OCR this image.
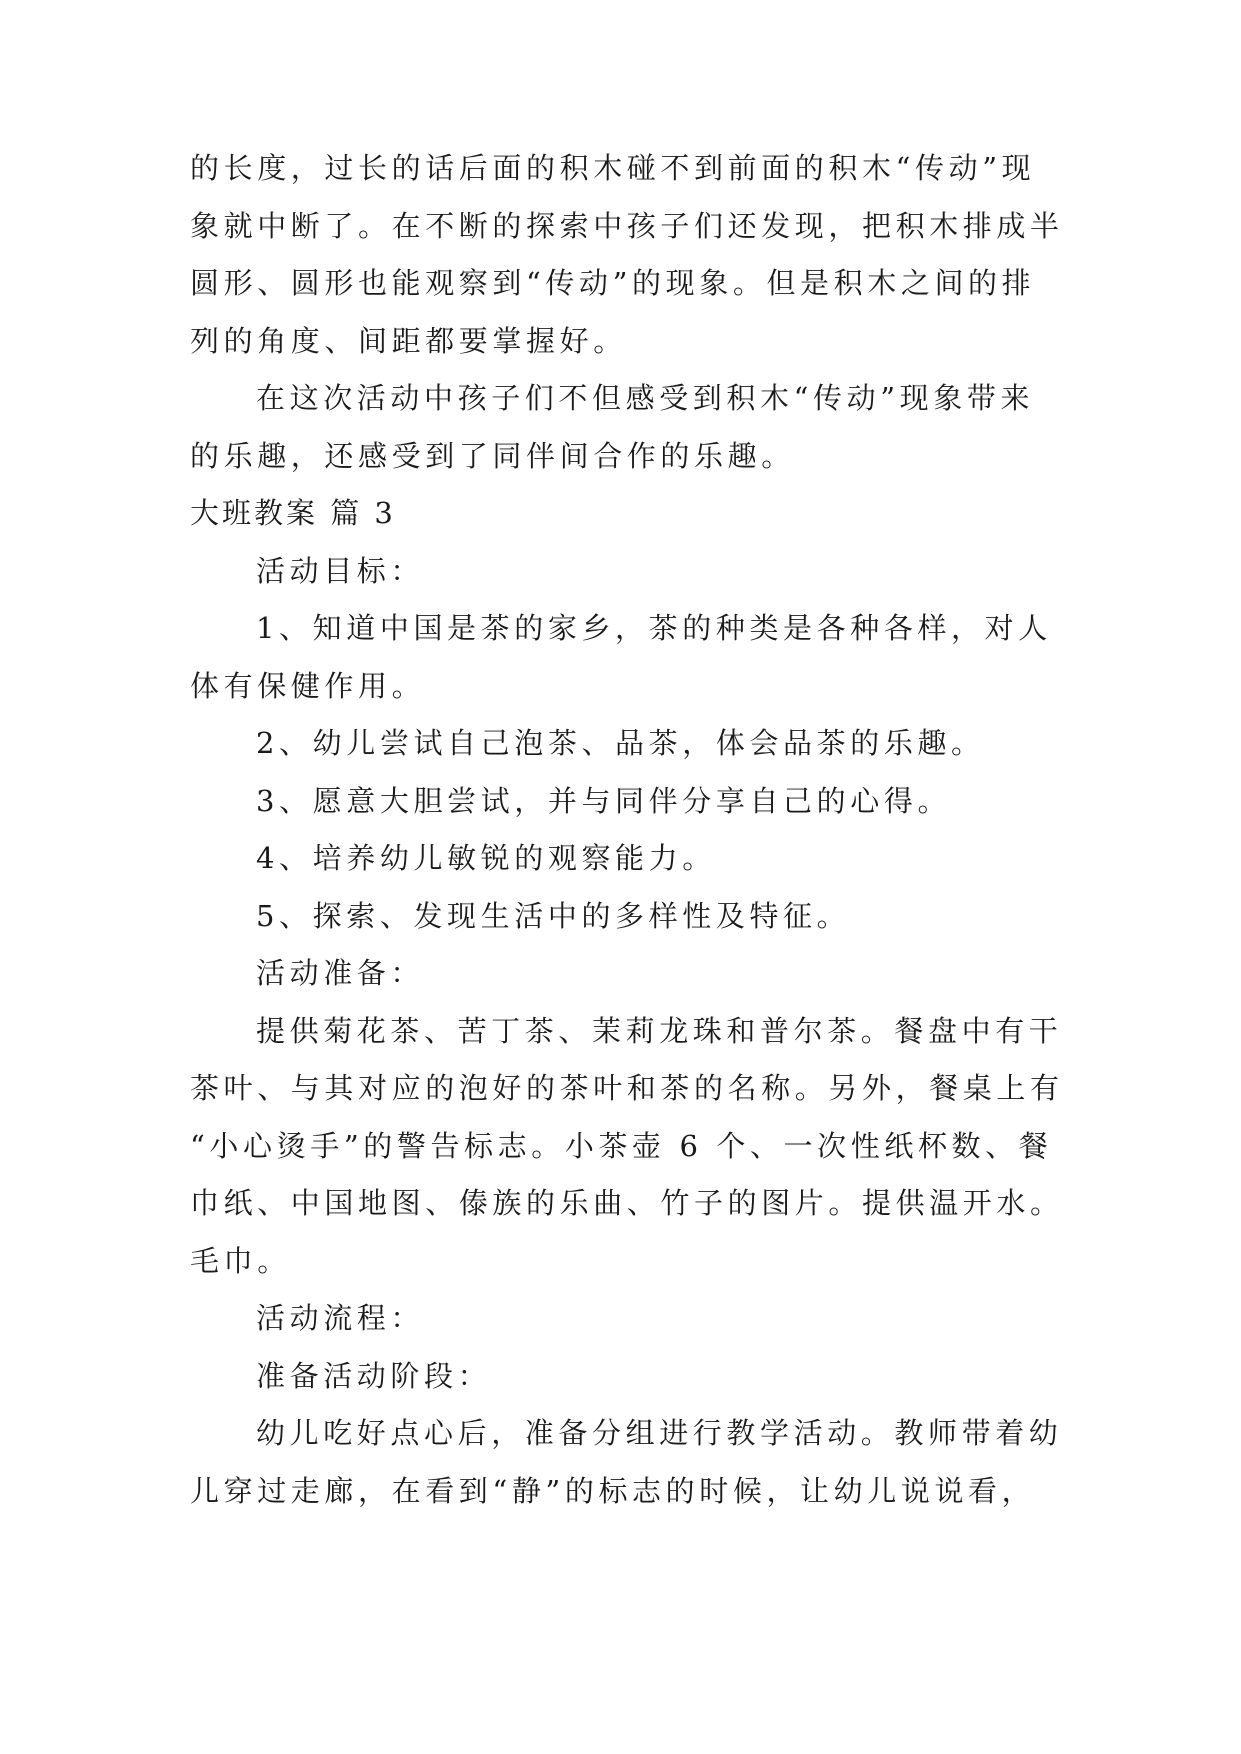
的长度，过长的话后面的积木碰不到前面的积木“传动”现
象就中断了。在不断的探索中孩子们还发现，把积木排成半
圆形、圆形也能观察到“传动”的现象。但是积木之间的排
列的角度、间距都要掌握好。
在这次活动中孩子们不但感受到积木“传动”现象带来
的乐趣，还感受到了同伴间合作的乐趣。
大班教案 篇 3
活动目标：
1、知道中国是茶的家乡，茶的种类是各种各样，对人
体有保健作用。
2、幼儿尝试自己泡茶、品茶，体会品茶的乐趣。
3、愿意大胆尝试，并与同伴分享自己的心得。
4、培养幼儿敏锐的观察能力。
5、探索、发现生活中的多样性及特征。
活动准备：
提供菊花茶、苦丁茶、茉莉龙珠和普尔茶。餐盘中有干
茶叶、与其对应的泡好的茶叶和茶的名称。另外，餐桌上有
“小心烫手”的警告标志。小茶壶 6 个、一次性纸杯数、餐
巾纸、中国地图、傣族的乐曲、竹子的图片。提供温开水。
毛巾。
活动流程：
准备活动阶段：
幼儿吃好点心后，准备分组进行教学活动。教师带着幼
儿穿过走廊，在看到“静”的标志的时候，让幼儿说说看，
